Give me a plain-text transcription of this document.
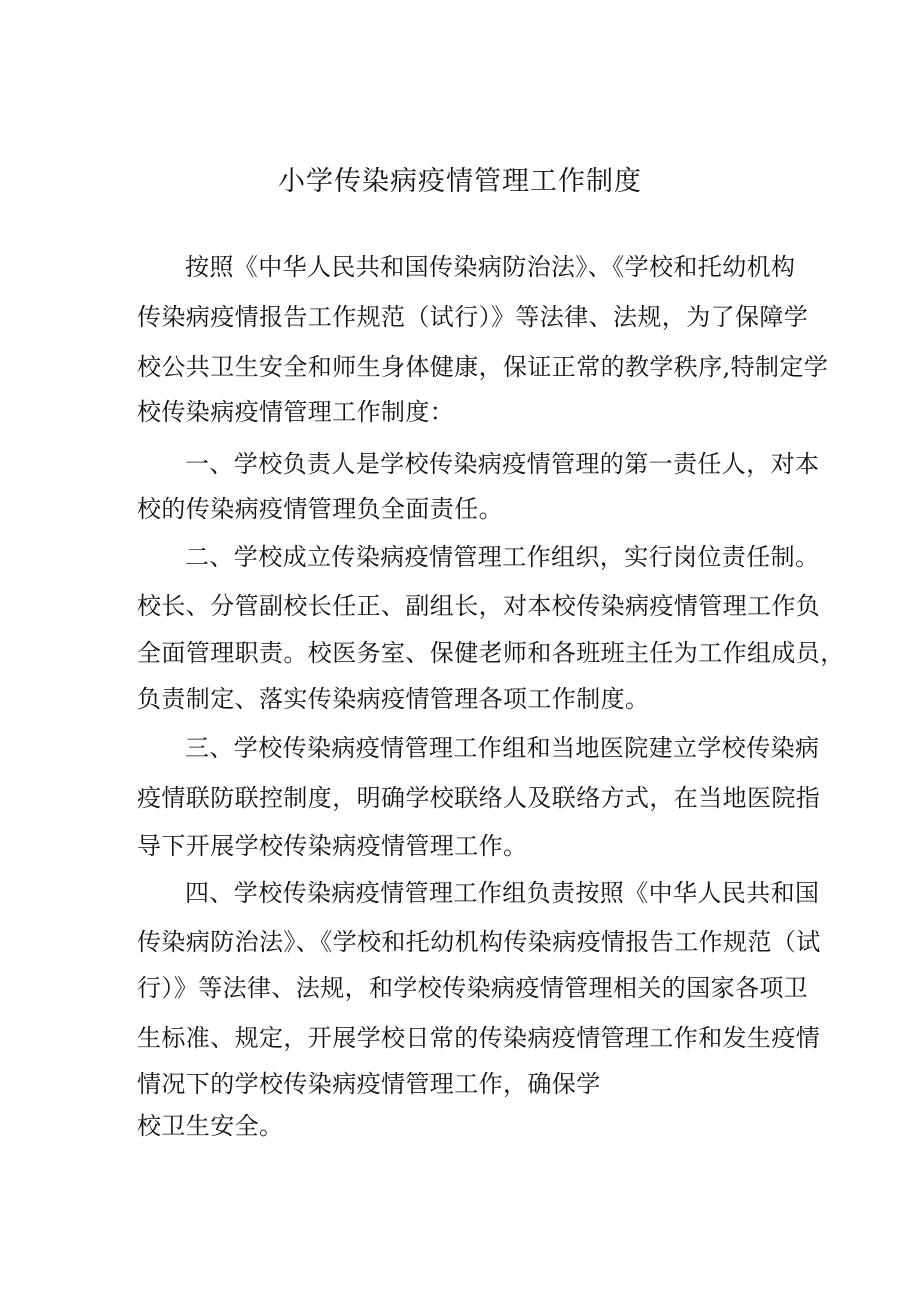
小学传染病疫情管理工作制度
按照《中华人民共和国传染病防治法》、《学校和托幼机构
传染病疫情报告工作规范（试行）》等法律、法规，为了保障学
校公共卫生安全和师生身体健康，保证正常的教学秩序,特制定学
校传染病疫情管理工作制度：
一、学校负责人是学校传染病疫情管理的第一责任人，对本
校的传染病疫情管理负全面责任。
二、学校成立传染病疫情管理工作组织，实行岗位责任制。
校长、分管副校长任正、副组长，对本校传染病疫情管理工作负
全面管理职责。校医务室、保健老师和各班班主任为工作组成员，
负责制定、落实传染病疫情管理各项工作制度。
三、学校传染病疫情管理工作组和当地医院建立学校传染病
疫情联防联控制度，明确学校联络人及联络方式，在当地医院指
导下开展学校传染病疫情管理工作。
四、学校传染病疫情管理工作组负责按照《中华人民共和国
传染病防治法》、《学校和托幼机构传染病疫情报告工作规范（试
行）》等法律、法规，和学校传染病疫情管理相关的国家各项卫
生标准、规定，开展学校日常的传染病疫情管理工作和发生疫情
情况下的学校传染病疫情管理工作，确保学
校卫生安全。
